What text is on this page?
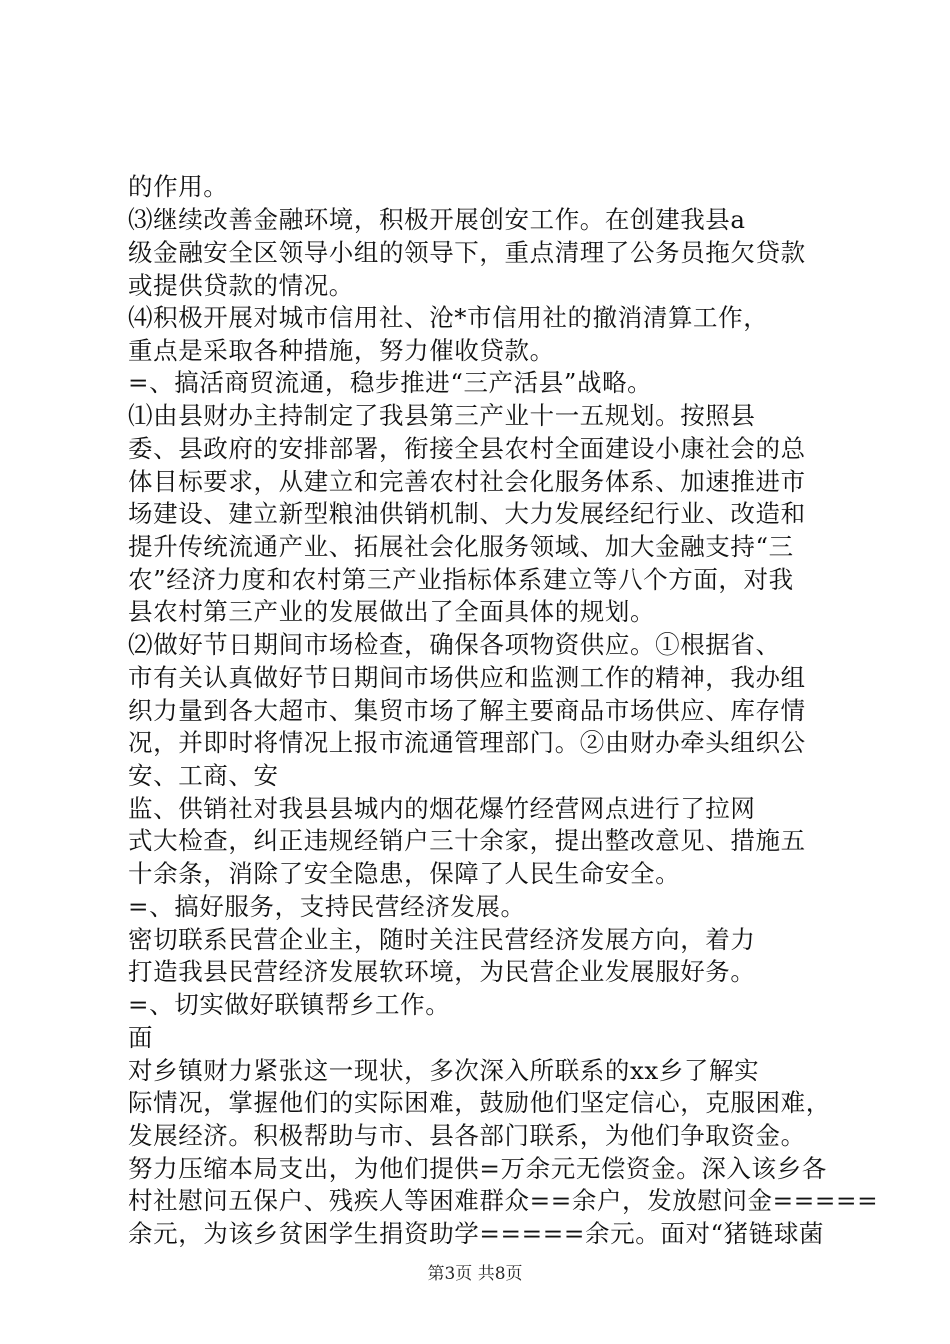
的作用。
⑶继续改善金融环境，积极开展创安工作。在创建我县a
级金融安全区领导小组的领导下，重点清理了公务员拖欠贷款
或提供贷款的情况。
⑷积极开展对城市信用社、沧*市信用社的撤消清算工作，
重点是采取各种措施，努力催收贷款。
=、搞活商贸流通，稳步推进“三产活县”战略。
⑴由县财办主持制定了我县第三产业十一五规划。按照县
委、县政府的安排部署，衔接全县农村全面建设小康社会的总
体目标要求，从建立和完善农村社会化服务体系、加速推进市
场建设、建立新型粮油供销机制、大力发展经纪行业、改造和
提升传统流通产业、拓展社会化服务领域、加大金融支持“三
农”经济力度和农村第三产业指标体系建立等八个方面，对我
县农村第三产业的发展做出了全面具体的规划。
⑵做好节日期间市场检查，确保各项物资供应。①根据省、
市有关认真做好节日期间市场供应和监测工作的精神，我办组
织力量到各大超市、集贸市场了解主要商品市场供应、库存情
况，并即时将情况上报市流通管理部门。②由财办牵头组织公
安、工商、安
监、供销社对我县县城内的烟花爆竹经营网点进行了拉网
式大检查，纠正违规经销户三十余家，提出整改意见、措施五
十余条，消除了安全隐患，保障了人民生命安全。
=、搞好服务，支持民营经济发展。
密切联系民营企业主，随时关注民营经济发展方向，着力
打造我县民营经济发展软环境，为民营企业发展服好务。
=、切实做好联镇帮乡工作。
面
对乡镇财力紧张这一现状，多次深入所联系的xx乡了解实
际情况，掌握他们的实际困难，鼓励他们坚定信心，克服困难，
发展经济。积极帮助与市、县各部门联系，为他们争取资金。
努力压缩本局支出，为他们提供=万余元无偿资金。深入该乡各
村社慰问五保户、残疾人等困难群众==余户，发放慰问金=====
余元，为该乡贫困学生捐资助学=====余元。面对“猪链球菌
第3页 共8页
